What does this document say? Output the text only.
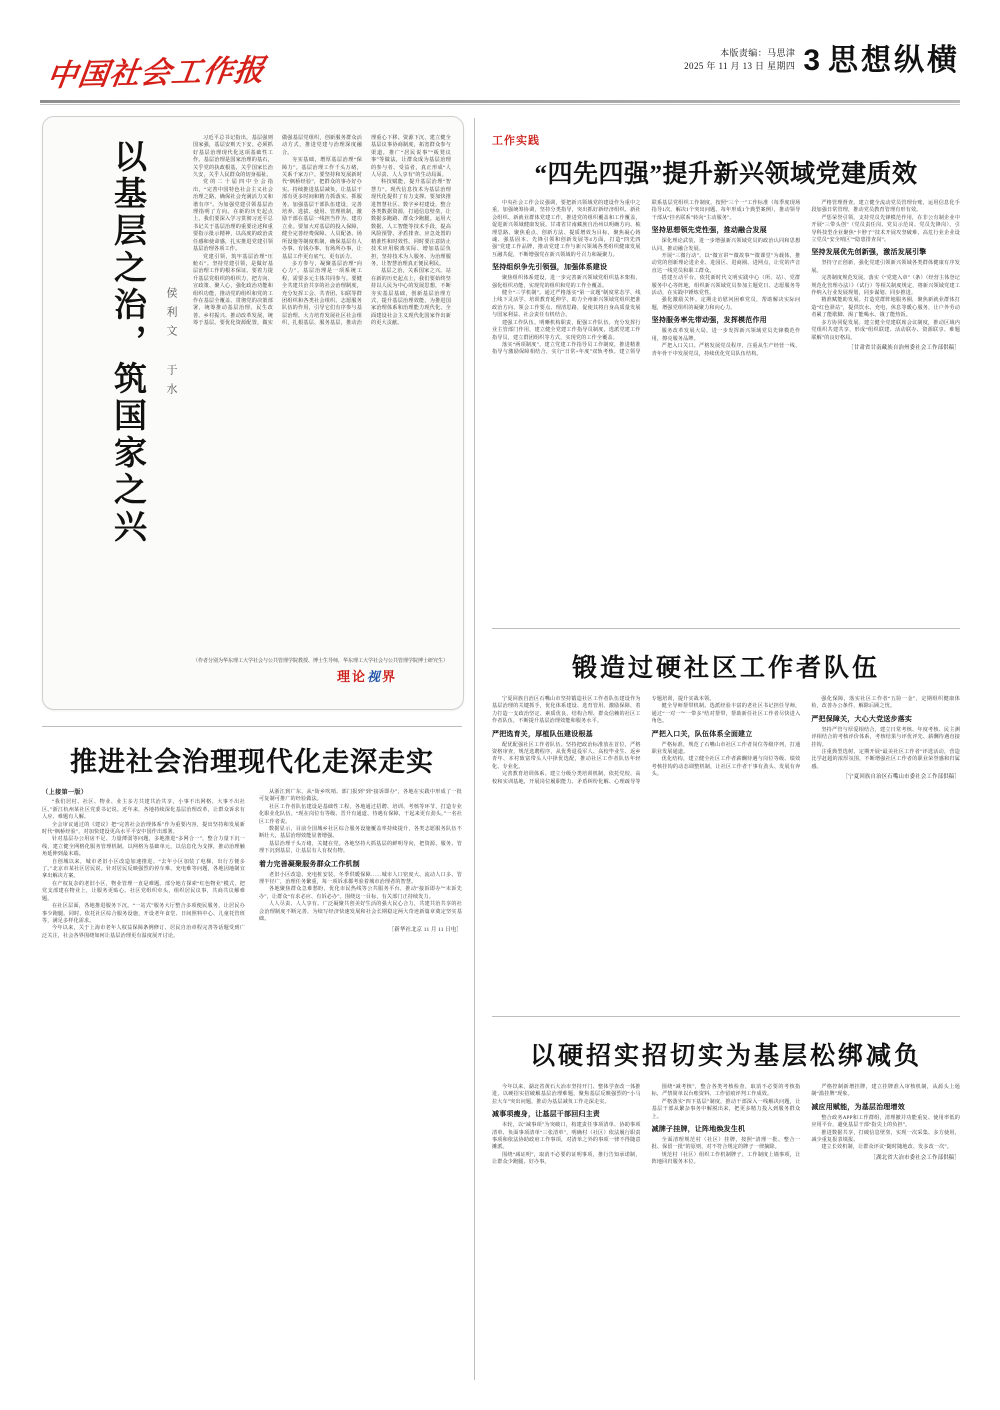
中国社会工作报
本版责编：马思津
2025 年 11 月 13 日 星期四 3 思想纵横
以基层之治，筑国家之兴	侯利文 于水

习近平总书记指出，基层强则国家强，基层安则天下安。必须抓好基层治理现代化这项基础性工作。基层治理是国家治理的基石，关乎党的执政根基，关乎国家长治久安，关乎人民群众的切身福祉。

党的二十届四中全会指出，“完善中国特色社会主义社会治理之路，确保社会充满活力又和谐有序”。为加强党建引领基层治理指明了方向。在新的历史起点上，我们要深入学习贯彻习近平总书记关于基层治理的重要论述和重要指示批示精神，以高度的政治责任感和使命感，扎实推进党建引领基层治理各项工作。

党建引领，筑牢基层治理“压舱石”。坚持党建引领，是做好基层治理工作的根本保证。要着力提升基层党组织的组织力，把方向、宣政策、聚人心，强化政治功能和组织功能，推动党的组织和党的工作在基层全覆盖、贯彻党的决策部署，统筹推动基层治理、民生改善、乡村振兴、推动改革发展，统筹于基层。要优化资源配置，做实做强基层党组织，创新服务群众活动方式，推进党建与治理深度融合。

夯实基础，增厚基层治理“保障力”。基层治理工作千头万绪，关系千家万户。要坚持和发展新时代“枫桥经验”，把群众的事办好办实。持续推进基层减负，让基层干部有更多时间和精力抓落实、抓服务。加强基层干部队伍建设，完善培养、选拔、使用、管理机制，激励干部在基层一线担当作为、建功立业。要加大对基层的投入保障，健全完善经费保障、人员配备、场所设施等制度机制，确保基层有人办事、有钱办事、有场所办事，让基层工作更有底气、更有活力。

多方参与，凝聚基层治理“向心力”。基层治理是一项系统工程，需要多元主体共同参与。要健全共建共治共享的社会治理制度，充分发挥工会、共青团、妇联等群团组织和各类社会组织、志愿服务队伍的作用，引导它们有序参与基层治理。大力培育发展社区社会组织，扎根基层、服务基层，推动治理重心下移、资源下沉，建立健全基层议事协商制度，拓宽群众参与渠道，推广“居民说事”“板凳议事”等做法，让群众成为基层治理的参与者、受益者，真正形成“人人尽责、人人享有”的生动局面。

科技赋能，提升基层治理“智慧力”。现代信息技术为基层治理现代化提供了有力支撑。要加快推进智慧社区、数字乡村建设，整合各类数据资源，打通信息壁垒，让数据多跑路、群众少跑腿。运用大数据、人工智能等技术手段，提高风险预警、矛盾排查、应急处置的精准性和时效性。同时要注意防止技术应用脱离实际、增加基层负担，坚持技术为人服务、为治理服务，让智慧治理真正便民利民。

基层之治，关系国家之兴。站在新的历史起点上，我们要始终坚持以人民为中心的发展思想，不断夯实基层基础，创新基层治理方式，提升基层治理效能，为推进国家治理体系和治理能力现代化、全面建设社会主义现代化国家作出新的更大贡献。

（作者分别为华东理工大学社会与公共管理学院教授、博士生导师，华东理工大学社会与公共管理学院博士研究生）
理论视界
推进社会治理现代化走深走实
（上接第一版）

“我们居村、社区、物业、业主多方共建共治共享，小事不出网格、大事不出社区。”浙江杭州某社区党委书记说。近年来，各地持续深化基层治理改革，让群众诉求有人应、难题有人解。

全会审议通过的《建议》把“完善社会治理体系”作为重要内容，提出坚持和发展新时代“枫桥经验”，对加快建设更高水平平安中国作出部署。

针对基层办公用房不足、力量薄弱等问题，多地推进“多网合一”，整合力量下沉一线，建立健全网格化服务管理机制。以网格为基础单元，以信息化为支撑，推动治理触角延伸到最末端。

自创城以来，城市老旧小区改造加速推进。“去年小区加装了电梯，出行方便多了。”北京市某社区居民说。针对居民反映强烈的停车难、充电难等问题，各地因地制宜拿出解决方案。

在产权复杂的老旧小区，物业管理一直是难题。部分地方探索“红色物业”模式，把党支部建在物业上，让服务更贴心。社区党组织牵头，组织居民议事，共商共议解难题。

在社区层面，各地推进服务下沉。“一站式”服务大厅整合多项便民服务，让居民办事少跑腿。同时，依托社区综合服务设施，开设老年食堂、日间照料中心、儿童托管班等，满足多样化需求。

今年以来，关于上海市老年人权益保障条例修订、居民自治章程完善等话题受到广泛关注，社会各界围绕如何让基层治理更有温度展开讨论。

从浙江到广东，从“街乡吹哨、部门报到”到“接诉即办”，各地在实践中形成了一批可复制可推广的经验做法。

社区工作者队伍建设是基础性工程。各地通过招聘、培训、考核等环节，打造专业化职业化队伍。“现在岗位有等级、晋升有通道、待遇有保障，干起来更有劲头。”一名社区工作者说。

数据显示，目前全国城乡社区综合服务设施覆盖率持续提升，各类志愿服务队伍不断壮大，基层治理效能显著增强。

基层治理千头万绪，关键在党。各地坚持大抓基层的鲜明导向，把资源、服务、管理下沉到基层，让基层有人有权有物。

着力完善凝聚服务群众工作机制

老旧小区改造、充电桩安装、冬季供暖保障……城市人口密度大、流动人口多、管理半径广，治理任务繁重，每一项诉求都考验着城市治理者的智慧。

各地聚焦群众急难愁盼，优化市民热线等公共服务平台，推动“接诉即办”“未诉先办”，让群众“有求必应、有诉必办”。围绕这一目标，有关部门正持续发力。

人人尽责、人人享有。广泛凝聚共创美好生活的强大民心合力，共建共治共享的社会治理制度不断完善，为续写经济快速发展和社会长期稳定两大奇迹新篇章奠定坚实基础。

［新华社北京 11 月 11 日电］
工作实践
“四先四强”提升新兴领域党建质效

中央社会工作会议强调，要把新兴领域党的建设作为重中之重，加强统筹协调，坚持分类指导，突出抓好新经济组织、新社会组织、新就业群体党建工作，推进党的组织覆盖和工作覆盖，促进新兴领域健康发展。甘肃省甘南藏族自治州以明确方向、梳理思路、聚焦重点、创新方法、提质增效为目标，聚焦凝心铸魂、强基固本、先锋引领和创新发展等4方面，打造“四先四强”党建工作品牌，推动党建工作与新兴领域各类组织健康发展互融共促，不断增强党在新兴领域的号召力和凝聚力。

坚持组织争先引领强，加强体系建设

聚焦组织体系建设，进一步完善新兴领域党组织基本架构，强化组织功能，实现党的组织和党的工作全覆盖。

健全“三学机制”。通过严格落实“第一议题”制度常态学、线上线下灵活学、培训教育延伸学，助力全州新兴领域党组织把准政治方向、领会工作要点、理清思路，促使其将自身高质量发展与国家利益、社会责任有机结合。

建强工作队伍。明晰机构职责，配强工作队伍，充分发挥行业主管部门作用，建立健全党建工作指导员制度，选派党建工作指导员，建立群团组织等方式，实现党的工作全覆盖。

落实“两项制度”。建立党建工作指导员工作制度，推进精准指导与激励保障相结合，实行“日常+年度”双轨考核。建立领导联系基层党组织工作制度，按照“三个一”工作标准（每季度现场指导1次，解决1个突出问题、每年形成1个典型案例），推动领导干部从“挂名联系”转向“主动服务”。

坚持思想领先党性强，推动融合发展

深化理论武装，进一步增强新兴领域党员的政治认同和思想认同，推动融合发展。

开展“三微行动”。以“微宣讲”“微故事”“微课堂”为载体，推动党的创新理论进企业、进园区、进商圈、进网点，让党的声音直达一线党员和职工群众。

搭建互动平台。依托新时代文明实践中心（所、站）、党群服务中心等阵地，组织新兴领域党员参加主题党日、志愿服务等活动，在实践中锤炼党性。

强化激励关怀。定期走访慰问困难党员，帮助解决实际问题，增强党组织的凝聚力和向心力。

坚持服务率先带动强，发挥模范作用

服务改革发展大局，进一步发挥新兴领域党员先锋模范作用，擦亮服务品牌。

严把入口关口。严格发展党员程序，注重从生产经营一线、青年骨干中发展党员，持续优化党员队伍结构。

严格管理督查。建立健全流动党员管理台账，运用信息化手段加强日常管理，推动党员教育管理有形有效。

严惩荣誉引领。支持党员先锋模范作用，在非公有制企业中开展“三带头创”（党员责任岗、党员示范岗、党员先锋岗），引导科技型企业聚焦“卡脖子”技术开展攻坚破难，高危行业企业设立党员“安全哨区”“隐患排查岗”。

坚持发展优先创新强，激活发展引擎

坚持守正创新，强化党建引领新兴领域各类群体健康有序发展。

完善制度规范发展。落实《“党建入章”（条）（经营主体登记规范化管理办法）》（试行）等相关制度规定，将新兴领域党建工作纳入行业发展规划，同步谋划、同步推进。

精准赋能助发展。打造党群阵地服务圈，聚焦新就业群体打造“红色驿站”，提供饮水、充电、休息等暖心服务，让户外劳动者累了能歇脚、渴了能喝水、饿了能热饭。

多方协同促发展。建立健全党建联席会议制度，推动区域内党组织共建共享，形成“组织联建、活动联办、资源联享、难题联解”的良好格局。

［甘肃省甘南藏族自治州委社会工作部供稿］
锻造过硬社区工作者队伍

宁夏回族自治区石嘴山市坚持锻造社区工作者队伍建设作为基层治理的关键抓手，优化体系建设、选育管用、激励保障，着力打造一支政治坚定、素质优良、结构合理、群众信赖的社区工作者队伍，不断提升基层治理效能和服务水平。

严把选育关，厚植队伍建设根基

配优配强社区工作者队伍。坚持把政治标准放在首位，严格资格审查，规范选聘程序，从优秀退役军人、高校毕业生、返乡青年、本村致富带头人中择优选配，推动社区工作者队伍年轻化、专业化。

完善教育培训体系。建立分级分类培训机制，依托党校、高校和实训基地，开展岗位履职能力、矛盾纠纷化解、心理疏导等专题培训，提升实战本领。

健全导师帮带机制。选派经验丰富的老社区书记担任导师，通过“一对一”“一带多”结对帮带，帮助新任社区工作者尽快进入角色。

严把入口关，队伍体系全面建立

严格标准，规范了石嘴山市社区工作者岗位等级序列，打通职业发展通道。

优化结构，建立健全社区工作者薪酬待遇与岗位等级、绩效考核挂钩的动态调整机制，让社区工作者干事有劲头、发展有奔头。

强化保障，落实社区工作者“五险一金”，定期组织健康体检，改善办公条件，解除后顾之忧。

严把保障关，大心大党送步落实

坚持严管与厚爱相结合，建立日常考核、年度考核、民主测评相结合的考核评价体系，考核结果与评优评先、薪酬待遇直接挂钩。

注重典型选树，定期开展“最美社区工作者”评选活动，营造比学赶超的浓厚氛围，不断增强社区工作者的职业荣誉感和归属感。

［宁夏回族自治区石嘴山市委社会工作部供稿］
以硬招实招切实为基层松绑减负

今年以来，湖北省黄石大冶市坚持开门、整体学查改一体推进，以硬招实招破解基层治理难题，聚焦基层反映强烈的“小马拉大车”突出问题，推动为基层减负工作走深走实。

减事项瘦身，让基层干部回归主责

本轮，以“减事项”为突破口，构建责任事项清单、协助事项清单、负面事项清单“三张清单”，明确村（社区）依法履行职责事项和依法协助政府工作事项，对清单之外的事项一律不得随意摊派。

围绕“减证明”，取消不必要的证明事项，推行告知承诺制，让群众少跑腿、好办事。

围绕“减考核”，整合各类考核检查，取消不必要的考核指标，严禁简单以台账资料、工作留痕评判工作成效。

严格落实“四下基层”制度，推动干部深入一线解决问题，让基层干部从繁杂事务中解脱出来，把更多精力投入到服务群众上。

减牌子挂牌，让阵地焕发生机

全面清理规范村（社区）挂牌，按照“清理一批、整合一批、保留一批”的原则，对不符合规定的牌子一律摘除。

规范村（社区）组织工作机制牌子、工作制度上墙事项，让阵地回归服务本位。

严格控制新增挂牌，建立挂牌准入审核机制，从源头上遏制“滥挂牌”现象。

减应用赋能，为基层治理增效

整合政务APP和工作群组，清理撤并功能重复、使用率低的应用平台，避免基层干部“指尖上的负担”。

推进数据共享，打破信息壁垒，实现一次采集、多方使用，减少重复报表填报。

建立长效机制，让群众评议“随时随地改、发多改一次”。

［湖北省大冶市委社会工作部供稿］
